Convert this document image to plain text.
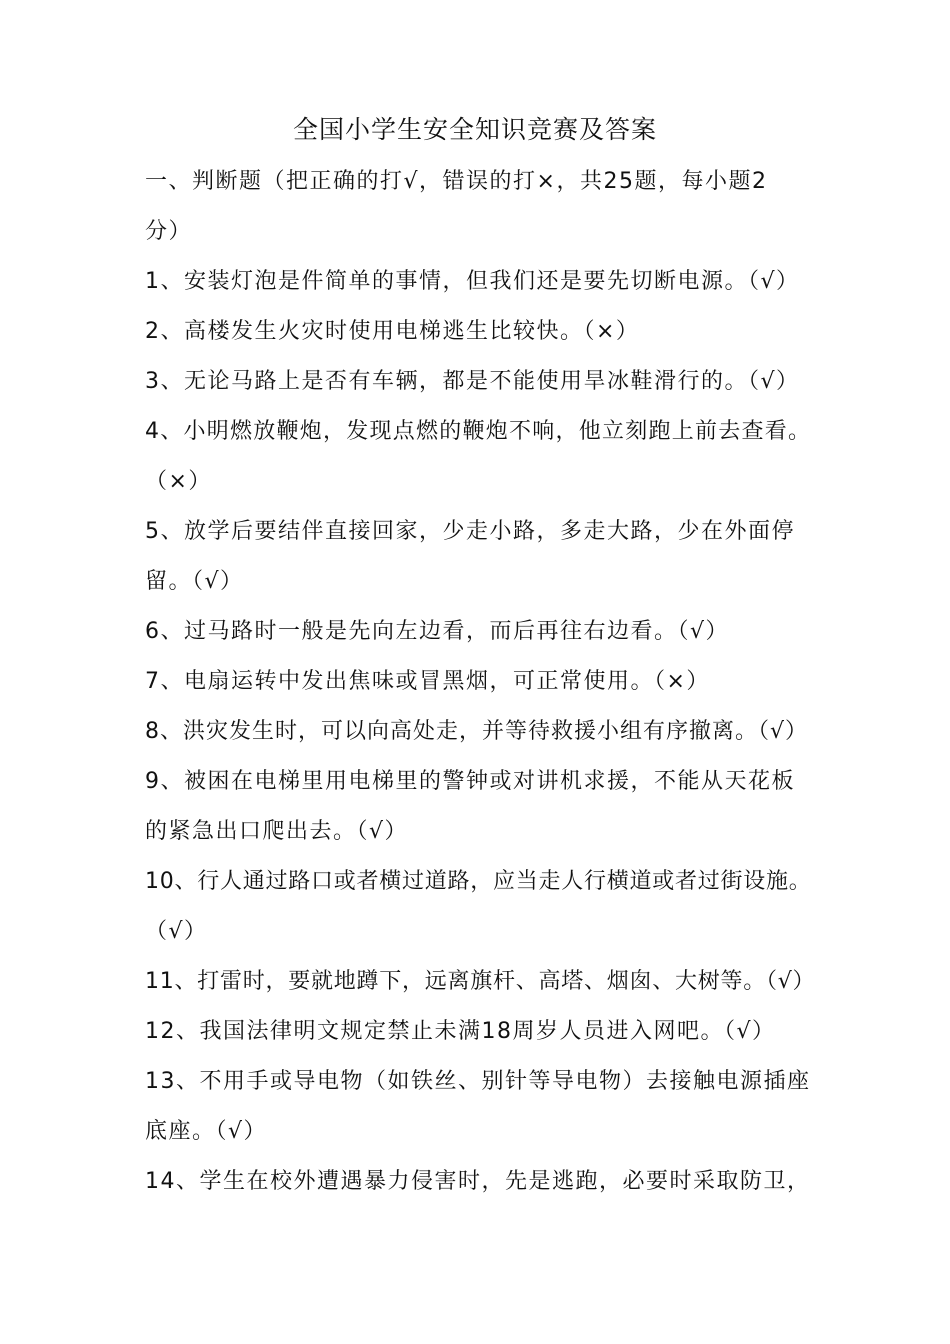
全国小学生安全知识竞赛及答案
一、判断题（把正确的打√，错误的打×，共25题，每小题2
分）
1、安装灯泡是件简单的事情，但我们还是要先切断电源。（√）
2、高楼发生火灾时使用电梯逃生比较快。（×）
3、无论马路上是否有车辆，都是不能使用旱冰鞋滑行的。（√）
4、小明燃放鞭炮，发现点燃的鞭炮不响，他立刻跑上前去查看。
（×）
5、放学后要结伴直接回家，少走小路，多走大路，少在外面停
留。（√）
6、过马路时一般是先向左边看，而后再往右边看。（√）
7、电扇运转中发出焦味或冒黑烟，可正常使用。（×）
8、洪灾发生时，可以向高处走，并等待救援小组有序撤离。（√）
9、被困在电梯里用电梯里的警钟或对讲机求援，不能从天花板
的紧急出口爬出去。（√）
10、行人通过路口或者横过道路，应当走人行横道或者过街设施。
（√）
11、打雷时，要就地蹲下，远离旗杆、高塔、烟囱、大树等。（√）
12、我国法律明文规定禁止未满18周岁人员进入网吧。（√）
13、不用手或导电物（如铁丝、别针等导电物）去接触电源插座
底座。（√）
14、学生在校外遭遇暴力侵害时，先是逃跑，必要时采取防卫，
